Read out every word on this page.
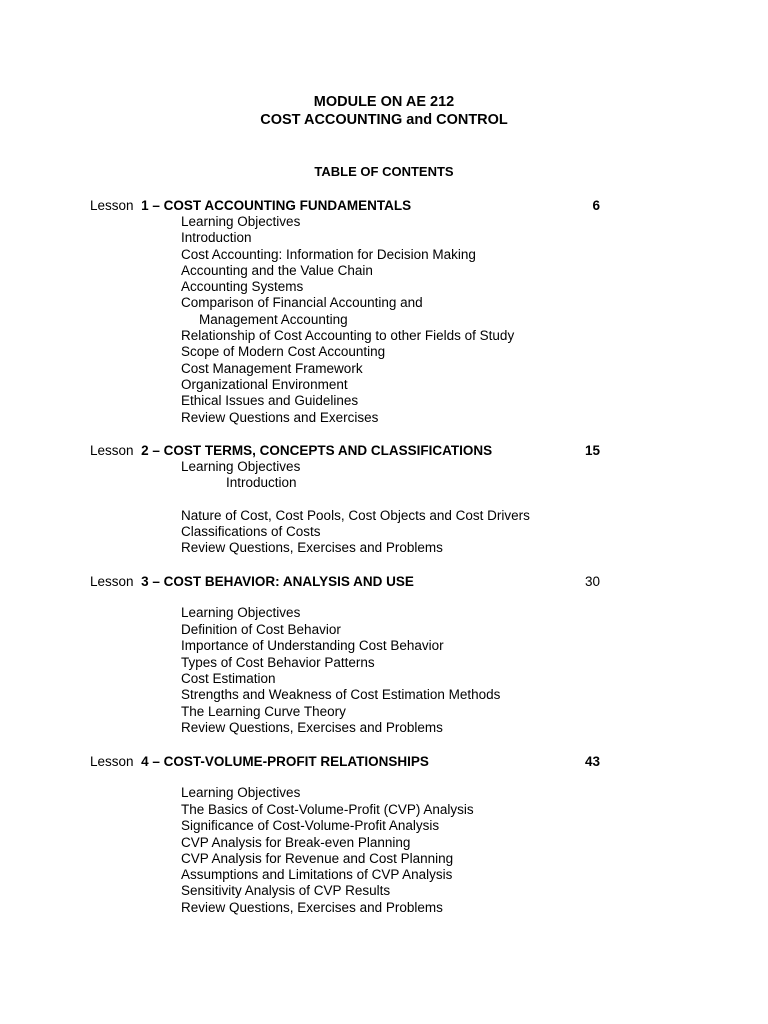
MODULE ON AE 212
COST ACCOUNTING and CONTROL
TABLE OF CONTENTS
Lesson 1 – COST ACCOUNTING FUNDAMENTALS	6
Learning Objectives
Introduction
Cost Accounting: Information for Decision Making
Accounting and the Value Chain
Accounting Systems
Comparison of Financial Accounting and
Management Accounting
Relationship of Cost Accounting to other Fields of Study
Scope of Modern Cost Accounting
Cost Management Framework
Organizational Environment
Ethical Issues and Guidelines
Review Questions and Exercises
Lesson 2 – COST TERMS, CONCEPTS AND CLASSIFICATIONS	15
Learning Objectives
Introduction
Nature of Cost, Cost Pools, Cost Objects and Cost Drivers
Classifications of Costs
Review Questions, Exercises and Problems
Lesson 3 – COST BEHAVIOR: ANALYSIS AND USE	30
Learning Objectives
Definition of Cost Behavior
Importance of Understanding Cost Behavior
Types of Cost Behavior Patterns
Cost Estimation
Strengths and Weakness of Cost Estimation Methods
The Learning Curve Theory
Review Questions, Exercises and Problems
Lesson 4 – COST-VOLUME-PROFIT RELATIONSHIPS	43
Learning Objectives
The Basics of Cost-Volume-Profit (CVP) Analysis
Significance of Cost-Volume-Profit Analysis
CVP Analysis for Break-even Planning
CVP Analysis for Revenue and Cost Planning
Assumptions and Limitations of CVP Analysis
Sensitivity Analysis of CVP Results
Review Questions, Exercises and Problems
